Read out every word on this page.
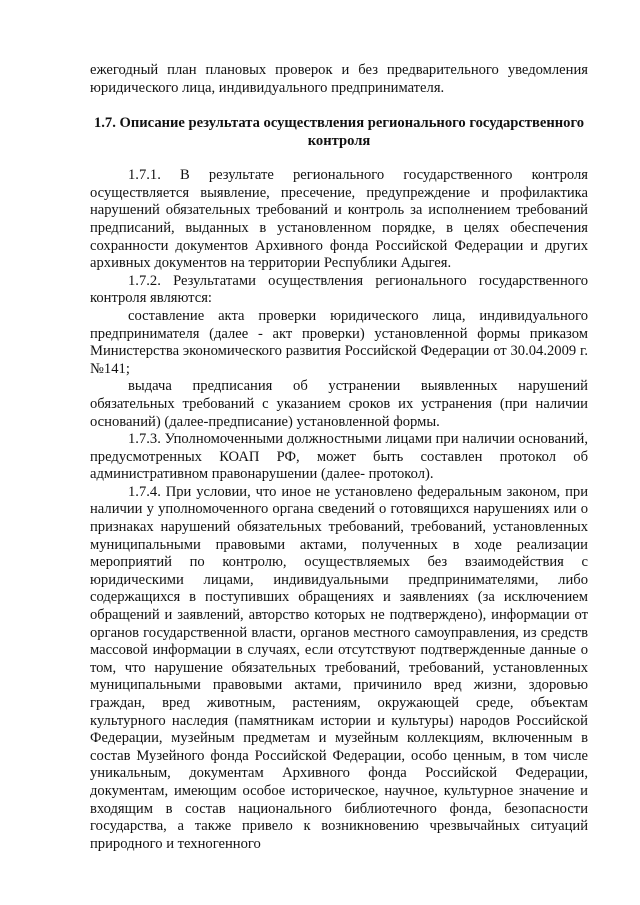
ежегодный план плановых проверок и без предварительного уведомления юридического лица, индивидуального предпринимателя.

1.7. Описание результата осуществления регионального государственного контроля

1.7.1. В результате регионального государственного контроля осуществляется выявление, пресечение, предупреждение и профилактика нарушений обязательных требований и контроль за исполнением требований предписаний, выданных в установленном порядке, в целях обеспечения сохранности документов Архивного фонда Российской Федерации и других архивных документов на территории Республики Адыгея.

1.7.2. Результатами осуществления регионального государственного контроля являются:

составление акта проверки юридического лица, индивидуального предпринимателя (далее - акт проверки) установленной формы приказом Министерства экономического развития Российской Федерации от 30.04.2009 г. №141;

выдача предписания об устранении выявленных нарушений обязательных требований с указанием сроков их устранения (при наличии оснований) (далее-предписание) установленной формы.

1.7.3. Уполномоченными должностными лицами при наличии оснований, предусмотренных КОАП РФ, может быть составлен протокол об административном правонарушении (далее- протокол).

1.7.4. При условии, что иное не установлено федеральным законом, при наличии у уполномоченного органа сведений о готовящихся нарушениях или о признаках нарушений обязательных требований, требований, установленных муниципальными правовыми актами, полученных в ходе реализации мероприятий по контролю, осуществляемых без взаимодействия с юридическими лицами, индивидуальными предпринимателями, либо содержащихся в поступивших обращениях и заявлениях (за исключением обращений и заявлений, авторство которых не подтверждено), информации от органов государственной власти, органов местного самоуправления, из средств массовой информации в случаях, если отсутствуют подтвержденные данные о том, что нарушение обязательных требований, требований, установленных муниципальными правовыми актами, причинило вред жизни, здоровью граждан, вред животным, растениям, окружающей среде, объектам культурного наследия (памятникам истории и культуры) народов Российской Федерации, музейным предметам и музейным коллекциям, включенным в состав Музейного фонда Российской Федерации, особо ценным, в том числе уникальным, документам Архивного фонда Российской Федерации, документам, имеющим особое историческое, научное, культурное значение и входящим в состав национального библиотечного фонда, безопасности государства, а также привело к возникновению чрезвычайных ситуаций природного и техногенного
